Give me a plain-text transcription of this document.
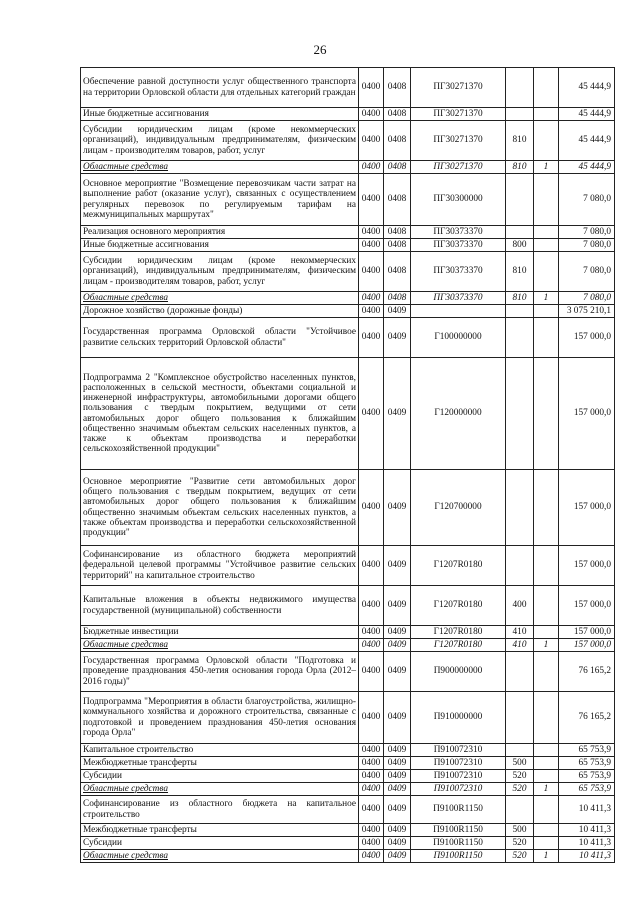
26
Обеспечение равной доступности услуг общественного транспорта на территории Орловской области для отдельных категорий граждан	0400	0408	ПГ30271370			45 444,9
Иные бюджетные ассигнования	0400	0408	ПГ30271370			45 444,9
Субсидии юридическим лицам (кроме некоммерческих организаций), индивидуальным предпринимателям, физическим лицам - производителям товаров, работ, услуг	0400	0408	ПГ30271370	810		45 444,9
Областные средства	0400	0408	ПГ30271370	810	1	45 444,9
Основное мероприятие "Возмещение перевозчикам части затрат на выполнение работ (оказание услуг), связанных с осуществлением регулярных перевозок по регулируемым тарифам на межмуниципальных маршрутах"	0400	0408	ПГ30300000			7 080,0
Реализация основного мероприятия	0400	0408	ПГ30373370			7 080,0
Иные бюджетные ассигнования	0400	0408	ПГ30373370	800		7 080,0
Субсидии юридическим лицам (кроме некоммерческих организаций), индивидуальным предпринимателям, физическим лицам - производителям товаров, работ, услуг	0400	0408	ПГ30373370	810		7 080,0
Областные средства	0400	0408	ПГ30373370	810	1	7 080,0
Дорожное хозяйство (дорожные фонды)	0400	0409				3 075 210,1
Государственная программа Орловской области "Устойчивое развитие сельских территорий Орловской области"	0400	0409	Г100000000			157 000,0
Подпрограмма 2 "Комплексное обустройство населенных пунктов, расположенных в сельской местности, объектами социальной и инженерной инфраструктуры, автомобильными дорогами общего пользования с твердым покрытием, ведущими от сети автомобильных дорог общего пользования к ближайшим общественно значимым объектам сельских населенных пунктов, а также к объектам производства и переработки сельскохозяйственной продукции"	0400	0409	Г120000000			157 000,0
Основное мероприятие "Развитие сети автомобильных дорог общего пользования с твердым покрытием, ведущих от сети автомобильных дорог общего пользования к ближайшим общественно значимым объектам сельских населенных пунктов, а также объектам производства и переработки сельскохозяйственной продукции"	0400	0409	Г120700000			157 000,0
Софинансирование из областного бюджета мероприятий федеральной целевой программы "Устойчивое развитие сельских территорий" на капитальное строительство	0400	0409	Г1207R0180			157 000,0
Капитальные вложения в объекты недвижимого имущества государственной (муниципальной) собственности	0400	0409	Г1207R0180	400		157 000,0
Бюджетные инвестиции	0400	0409	Г1207R0180	410		157 000,0
Областные средства	0400	0409	Г1207R0180	410	1	157 000,0
Государственная программа Орловской области "Подготовка и проведение празднования 450-летия основания города Орла (2012–2016 годы)"	0400	0409	П900000000			76 165,2
Подпрограмма "Мероприятия в области благоустройства, жилищно-коммунального хозяйства и дорожного строительства, связанные с подготовкой и проведением празднования 450-летия основания города Орла"	0400	0409	П910000000			76 165,2
Капитальное строительство	0400	0409	П910072310			65 753,9
Межбюджетные трансферты	0400	0409	П910072310	500		65 753,9
Субсидии	0400	0409	П910072310	520		65 753,9
Областные средства	0400	0409	П910072310	520	1	65 753,9
Софинансирование из областного бюджета на капитальное строительство	0400	0409	П9100R1150			10 411,3
Межбюджетные трансферты	0400	0409	П9100R1150	500		10 411,3
Субсидии	0400	0409	П9100R1150	520		10 411,3
Областные средства	0400	0409	П9100R1150	520	1	10 411,3
